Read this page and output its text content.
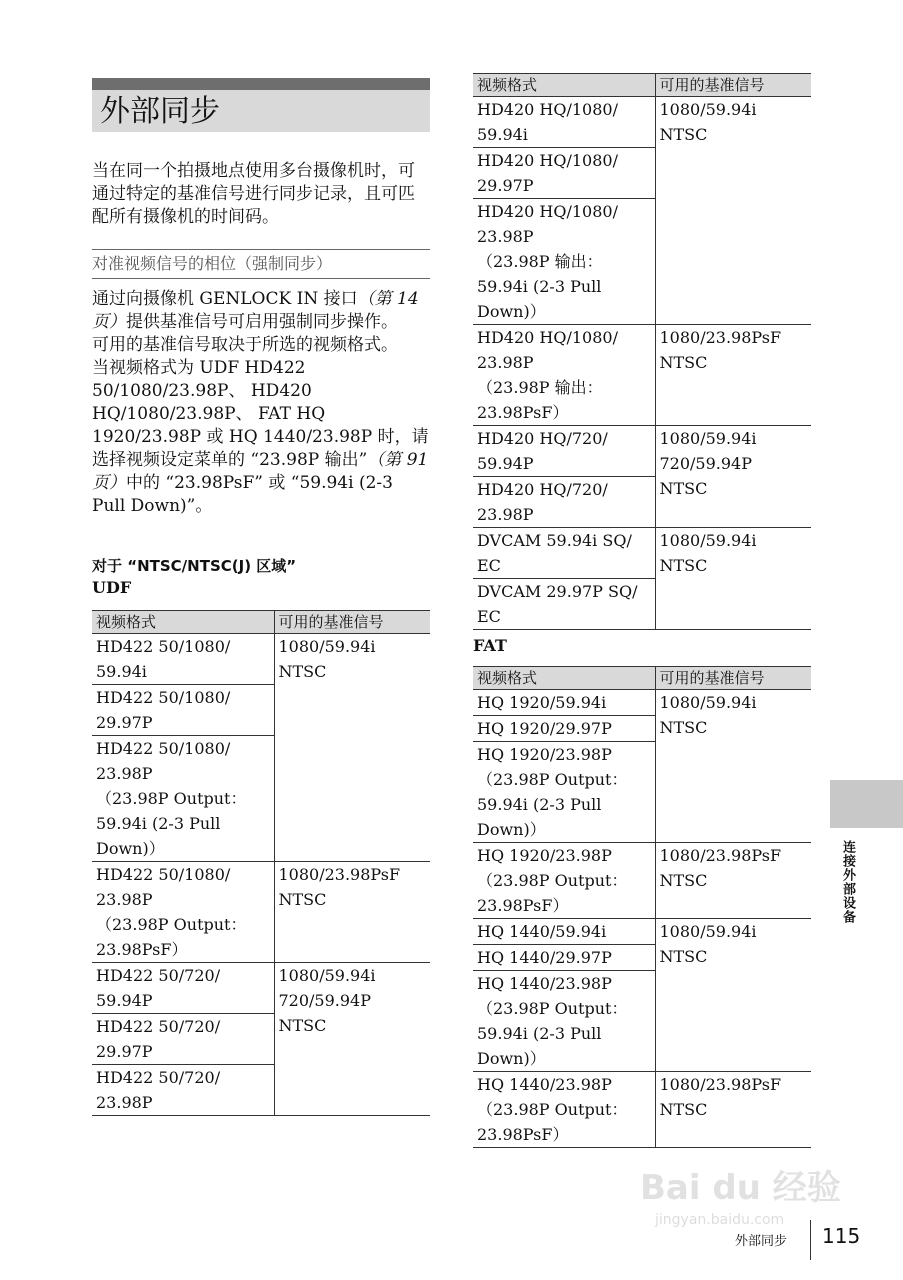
外部同步
当在同一个拍摄地点使用多台摄像机时，可通过特定的基准信号进行同步记录，且可匹配所有摄像机的时间码。
对准视频信号的相位（强制同步）

通过向摄像机 GENLOCK IN 接口（第 14 页）提供基准信号可启用强制同步操作。

可用的基准信号取决于所选的视频格式。

当视频格式为 UDF HD422 50/1080/23.98P、 HD420 HQ/1080/23.98P、 FAT HQ 1920/23.98P 或 HQ 1440/23.98P 时，请选择视频设定菜单的 “23.98P 输出”（第 91 页）中的 “23.98PsF” 或 “59.94i (2-3 Pull Down)”。

对于 “NTSC/NTSC(J) 区域”
UDF
视频格式	可用的基准信号

HD422 50/1080/
59.94i	1080/59.94i
NTSC

HD422 50/1080/
29.97P	

HD422 50/1080/
23.98P
（23.98P Output：
59.94i (2-3 Pull
Down)）	

HD422 50/1080/
23.98P
（23.98P Output：
23.98PsF）	1080/23.98PsF
NTSC

HD422 50/720/
59.94P	1080/59.94i
720/59.94P
NTSC

HD422 50/720/
29.97P	

HD422 50/720/
23.98P	
视频格式	可用的基准信号

HD420 HQ/1080/
59.94i	1080/59.94i
NTSC

HD420 HQ/1080/
29.97P	

HD420 HQ/1080/
23.98P
（23.98P 输出：
59.94i (2-3 Pull
Down)）	

HD420 HQ/1080/
23.98P
（23.98P 输出：
23.98PsF）	1080/23.98PsF
NTSC

HD420 HQ/720/
59.94P	1080/59.94i
720/59.94P
NTSC

HD420 HQ/720/
23.98P	

DVCAM 59.94i SQ/
EC	1080/59.94i
NTSC

DVCAM 29.97P SQ/
EC	
FAT
视频格式	可用的基准信号

HQ 1920/59.94i	1080/59.94i
NTSC

HQ 1920/29.97P	

HQ 1920/23.98P
（23.98P Output：
59.94i (2-3 Pull
Down)）	

HQ 1920/23.98P
（23.98P Output：
23.98PsF）	1080/23.98PsF
NTSC

HQ 1440/59.94i	1080/59.94i
NTSC

HQ 1440/29.97P	

HQ 1440/23.98P
（23.98P Output：
59.94i (2-3 Pull
Down)）	

HQ 1440/23.98P
（23.98P Output：
23.98PsF）	1080/23.98PsF
NTSC
连接外部设备
Bai du 经验
jingyan.baidu.com
外部同步 115
